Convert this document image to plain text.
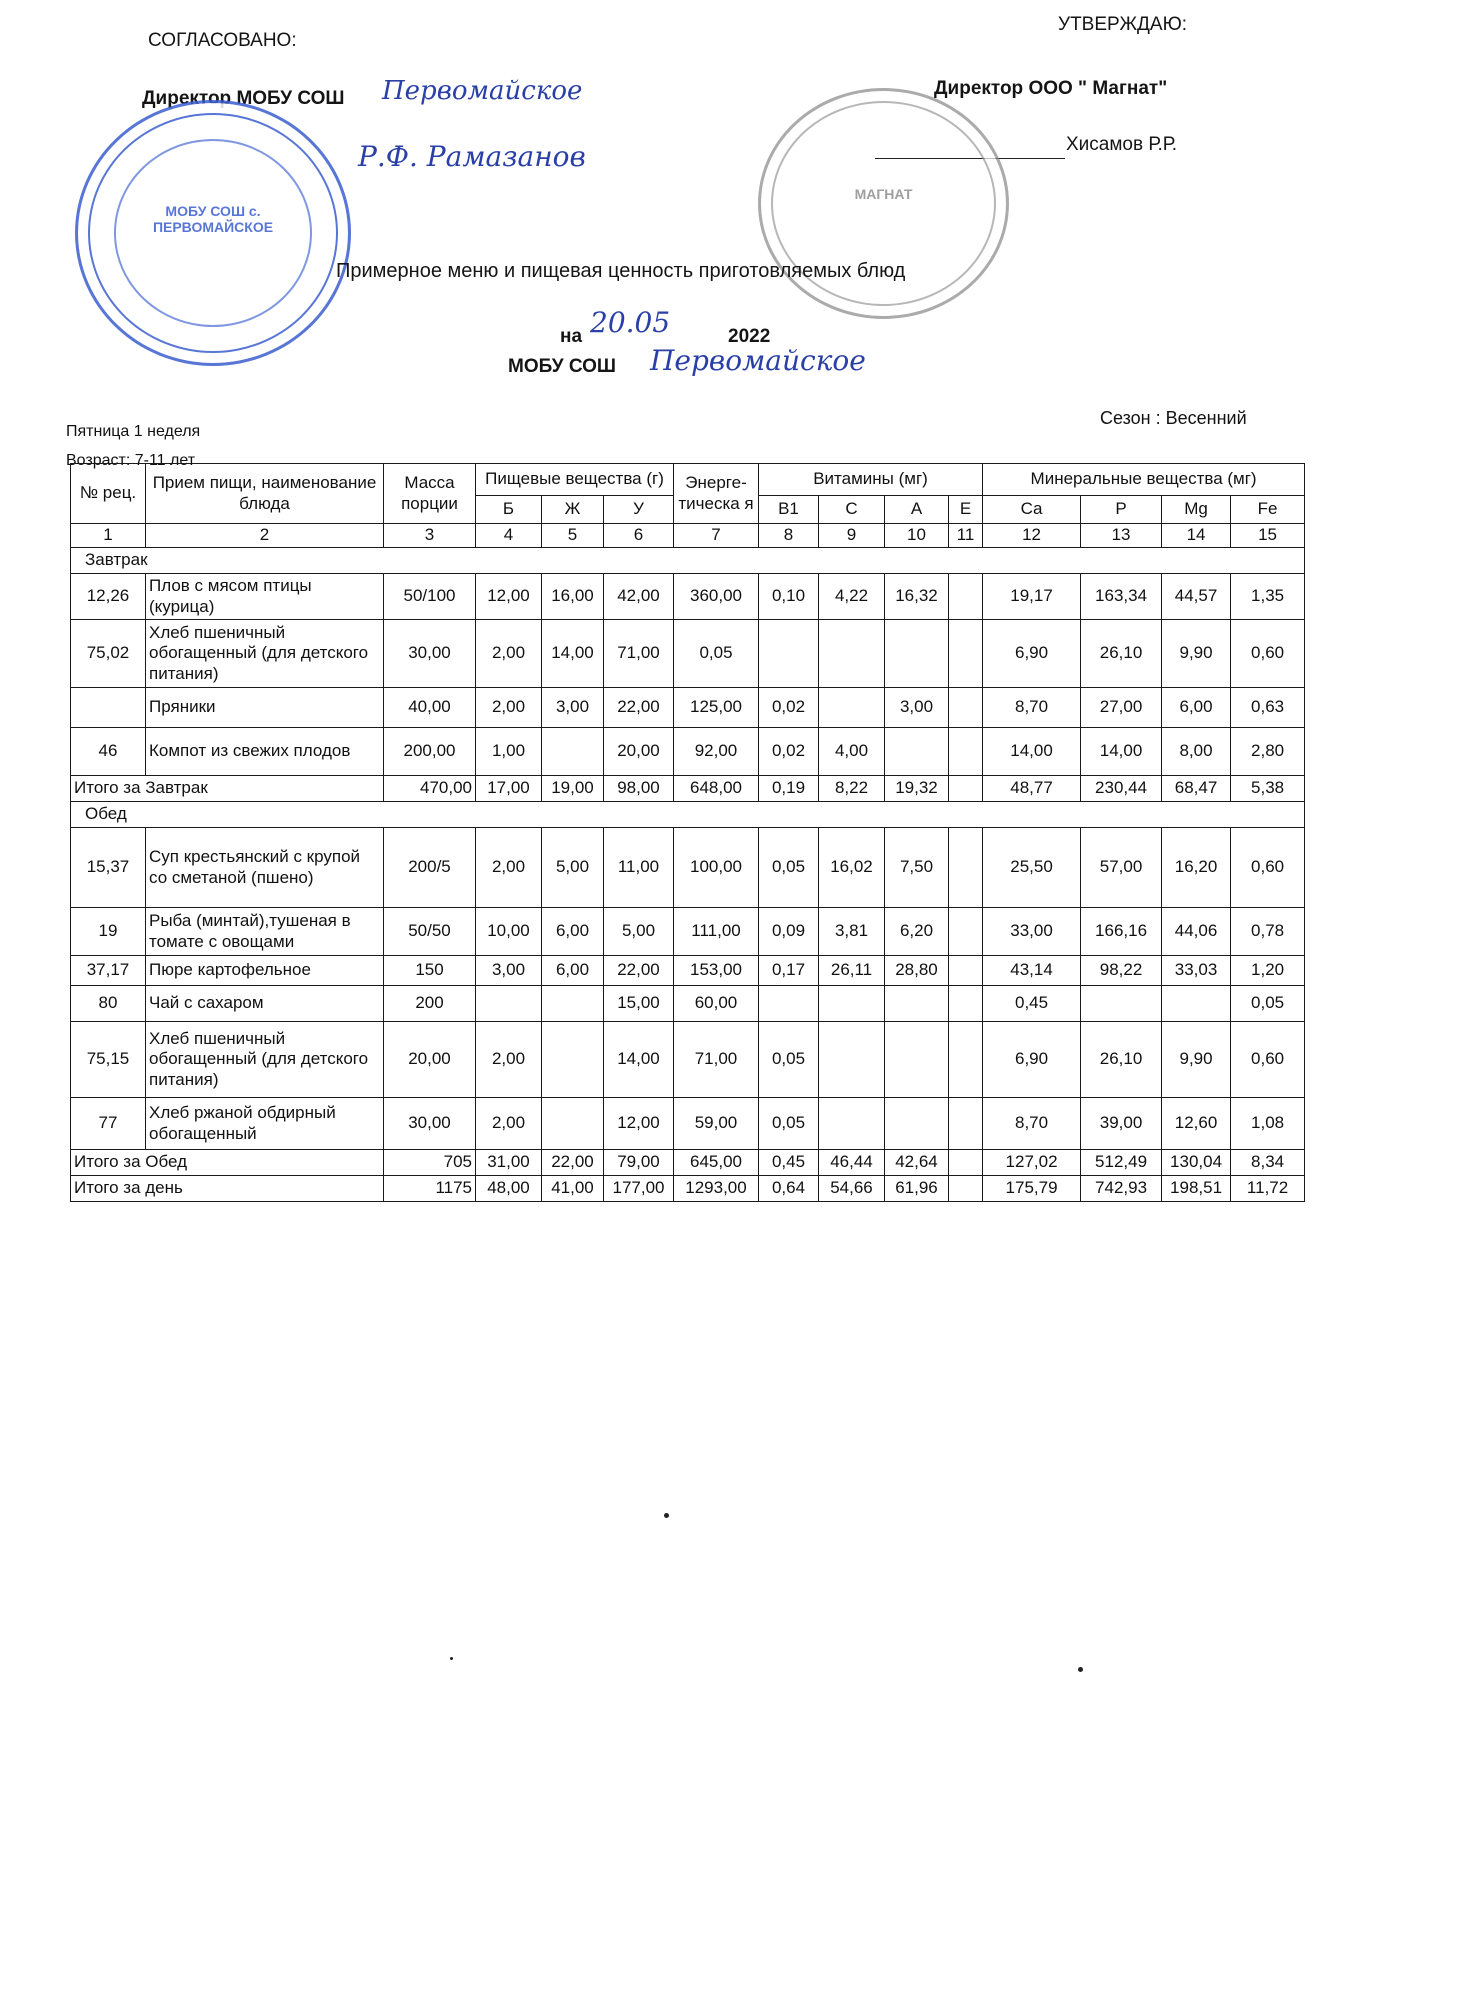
СОГЛАСОВАНО:
УТВЕРЖДАЮ:
Директор МОБУ СОШ Первомайское
Р.Ф. Рамазанов
Директор ООО " Магнат"
Хисамов Р.Р.
МОБУ СОШ с. ПЕРВОМАЙСКОЕ
МАГНАТ
Примерное меню и пищевая ценность приготовляемых блюд
на 20.05	2022
МОБУ СОШ Первомайское
Пятница 1 неделя
Возраст: 7-11 лет
Сезон : Весенний
№ рец.	Прием пищи, наименование блюда	Масса порции	Пищевые вещества (г)			Энерге-тическа я	Витамины (мг)				Минеральные вещества (мг)			
			Б	Ж	У		B1	C	A	E	Ca	P	Mg	Fe
1	2	3	4	5	6	7	8	9	10	11	12	13	14	15
Завтрак														
12,26	Плов с мясом птицы (курица)	50/100	12,00	16,00	42,00	360,00	0,10	4,22	16,32		19,17	163,34	44,57	1,35
75,02	Хлеб пшеничный обогащенный (для детского питания)	30,00	2,00	14,00	71,00	0,05					6,90	26,10	9,90	0,60
	Пряники	40,00	2,00	3,00	22,00	125,00	0,02		3,00		8,70	27,00	6,00	0,63
46	Компот из свежих плодов	200,00	1,00		20,00	92,00	0,02	4,00			14,00	14,00	8,00	2,80
Итого за Завтрак		470,00	17,00	19,00	98,00	648,00	0,19	8,22	19,32		48,77	230,44	68,47	5,38
Обед														
15,37	Суп крестьянский с крупой со сметаной (пшено)	200/5	2,00	5,00	11,00	100,00	0,05	16,02	7,50		25,50	57,00	16,20	0,60
19	Рыба (минтай),тушеная в томате с овощами	50/50	10,00	6,00	5,00	111,00	0,09	3,81	6,20		33,00	166,16	44,06	0,78
37,17	Пюре картофельное	150	3,00	6,00	22,00	153,00	0,17	26,11	28,80		43,14	98,22	33,03	1,20
80	Чай с сахаром	200			15,00	60,00					0,45			0,05
75,15	Хлеб пшеничный обогащенный (для детского питания)	20,00	2,00		14,00	71,00	0,05				6,90	26,10	9,90	0,60
77	Хлеб ржаной обдирный обогащенный	30,00	2,00		12,00	59,00	0,05				8,70	39,00	12,60	1,08
Итого за Обед		705	31,00	22,00	79,00	645,00	0,45	46,44	42,64		127,02	512,49	130,04	8,34
Итого за день		1175	48,00	41,00	177,00	1293,00	0,64	54,66	61,96		175,79	742,93	198,51	11,72
